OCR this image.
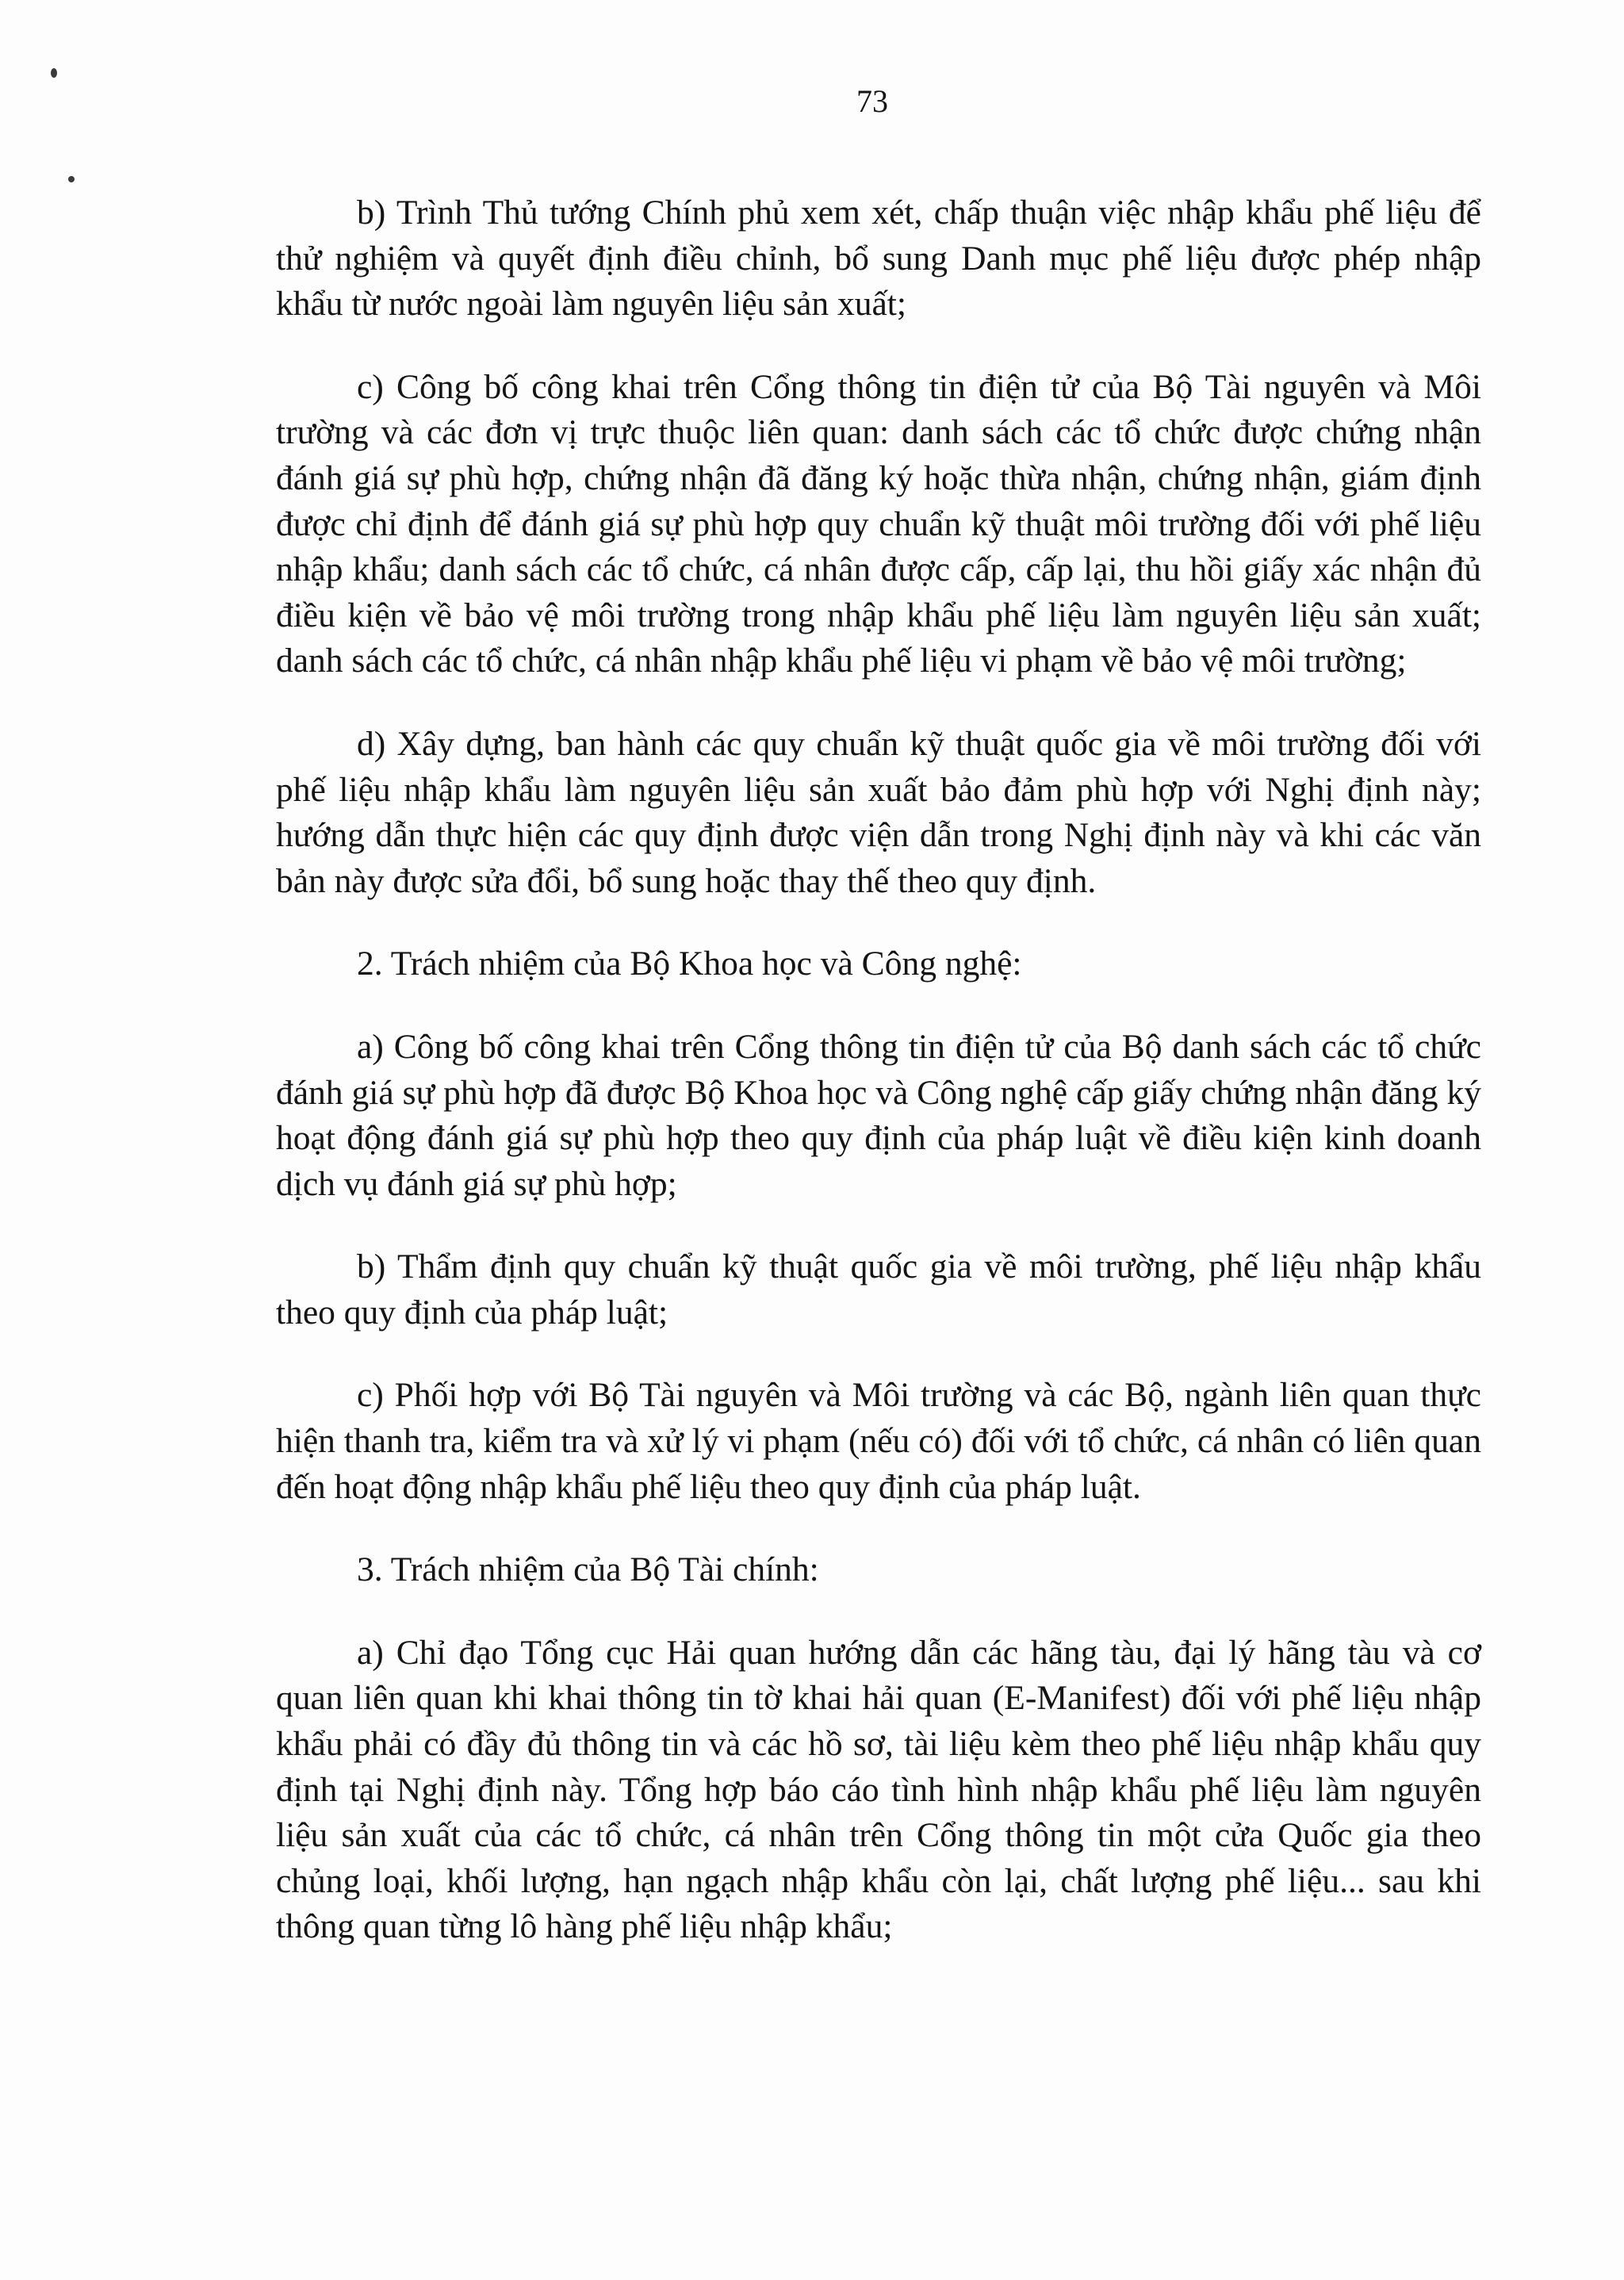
73

b) Trình Thủ tướng Chính phủ xem xét, chấp thuận việc nhập khẩu phế liệu để thử nghiệm và quyết định điều chỉnh, bổ sung Danh mục phế liệu được phép nhập khẩu từ nước ngoài làm nguyên liệu sản xuất;

c) Công bố công khai trên Cổng thông tin điện tử của Bộ Tài nguyên và Môi trường và các đơn vị trực thuộc liên quan: danh sách các tổ chức được chứng nhận đánh giá sự phù hợp, chứng nhận đã đăng ký hoặc thừa nhận, chứng nhận, giám định được chỉ định để đánh giá sự phù hợp quy chuẩn kỹ thuật môi trường đối với phế liệu nhập khẩu; danh sách các tổ chức, cá nhân được cấp, cấp lại, thu hồi giấy xác nhận đủ điều kiện về bảo vệ môi trường trong nhập khẩu phế liệu làm nguyên liệu sản xuất; danh sách các tổ chức, cá nhân nhập khẩu phế liệu vi phạm về bảo vệ môi trường;

d) Xây dựng, ban hành các quy chuẩn kỹ thuật quốc gia về môi trường đối với phế liệu nhập khẩu làm nguyên liệu sản xuất bảo đảm phù hợp với Nghị định này; hướng dẫn thực hiện các quy định được viện dẫn trong Nghị định này và khi các văn bản này được sửa đổi, bổ sung hoặc thay thế theo quy định.

2. Trách nhiệm của Bộ Khoa học và Công nghệ:

a) Công bố công khai trên Cổng thông tin điện tử của Bộ danh sách các tổ chức đánh giá sự phù hợp đã được Bộ Khoa học và Công nghệ cấp giấy chứng nhận đăng ký hoạt động đánh giá sự phù hợp theo quy định của pháp luật về điều kiện kinh doanh dịch vụ đánh giá sự phù hợp;

b) Thẩm định quy chuẩn kỹ thuật quốc gia về môi trường, phế liệu nhập khẩu theo quy định của pháp luật;

c) Phối hợp với Bộ Tài nguyên và Môi trường và các Bộ, ngành liên quan thực hiện thanh tra, kiểm tra và xử lý vi phạm (nếu có) đối với tổ chức, cá nhân có liên quan đến hoạt động nhập khẩu phế liệu theo quy định của pháp luật.

3. Trách nhiệm của Bộ Tài chính:

a) Chỉ đạo Tổng cục Hải quan hướng dẫn các hãng tàu, đại lý hãng tàu và cơ quan liên quan khi khai thông tin tờ khai hải quan (E-Manifest) đối với phế liệu nhập khẩu phải có đầy đủ thông tin và các hồ sơ, tài liệu kèm theo phế liệu nhập khẩu quy định tại Nghị định này. Tổng hợp báo cáo tình hình nhập khẩu phế liệu làm nguyên liệu sản xuất của các tổ chức, cá nhân trên Cổng thông tin một cửa Quốc gia theo chủng loại, khối lượng, hạn ngạch nhập khẩu còn lại, chất lượng phế liệu... sau khi thông quan từng lô hàng phế liệu nhập khẩu;
